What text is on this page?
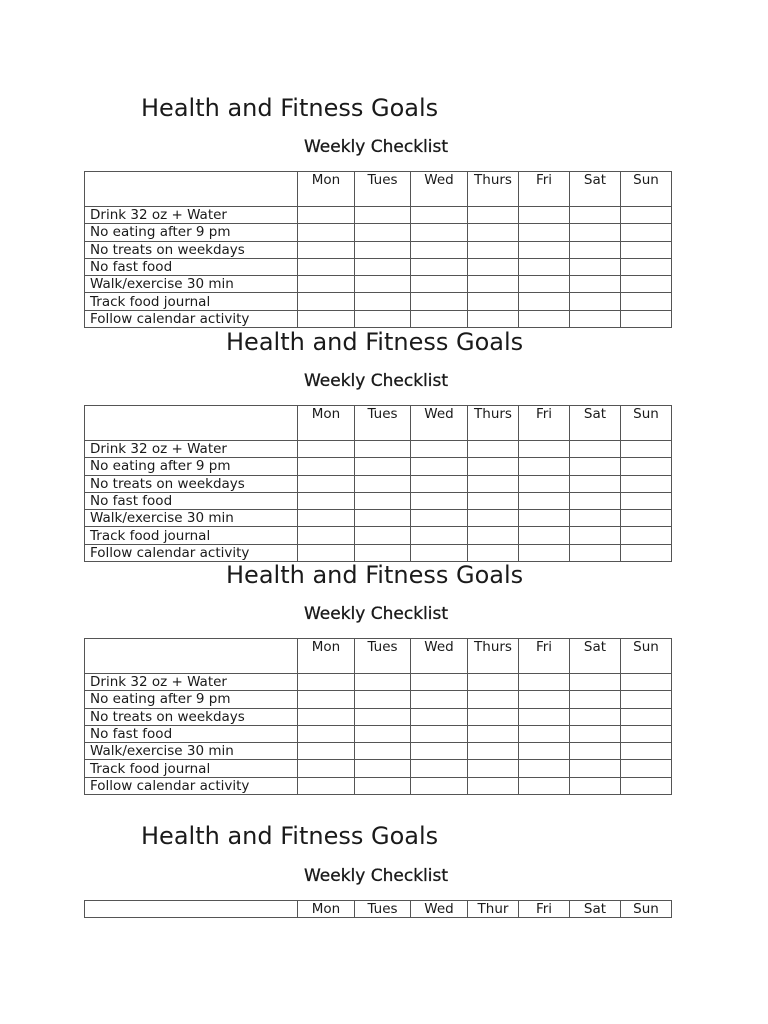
Health and Fitness Goals
Weekly Checklist
	Mon	Tues	Wed	Thurs	Fri	Sat	Sun
Drink 32 oz + Water							
No eating after 9 pm							
No treats on weekdays							
No fast food							
Walk/exercise 30 min							
Track food journal							
Follow calendar activity							
Health and Fitness Goals
Weekly Checklist
	Mon	Tues	Wed	Thurs	Fri	Sat	Sun
Drink 32 oz + Water							
No eating after 9 pm							
No treats on weekdays							
No fast food							
Walk/exercise 30 min							
Track food journal							
Follow calendar activity							
Health and Fitness Goals
Weekly Checklist
	Mon	Tues	Wed	Thurs	Fri	Sat	Sun
Drink 32 oz + Water							
No eating after 9 pm							
No treats on weekdays							
No fast food							
Walk/exercise 30 min							
Track food journal							
Follow calendar activity							
Health and Fitness Goals
Weekly Checklist
	Mon	Tues	Wed	Thur	Fri	Sat	Sun
